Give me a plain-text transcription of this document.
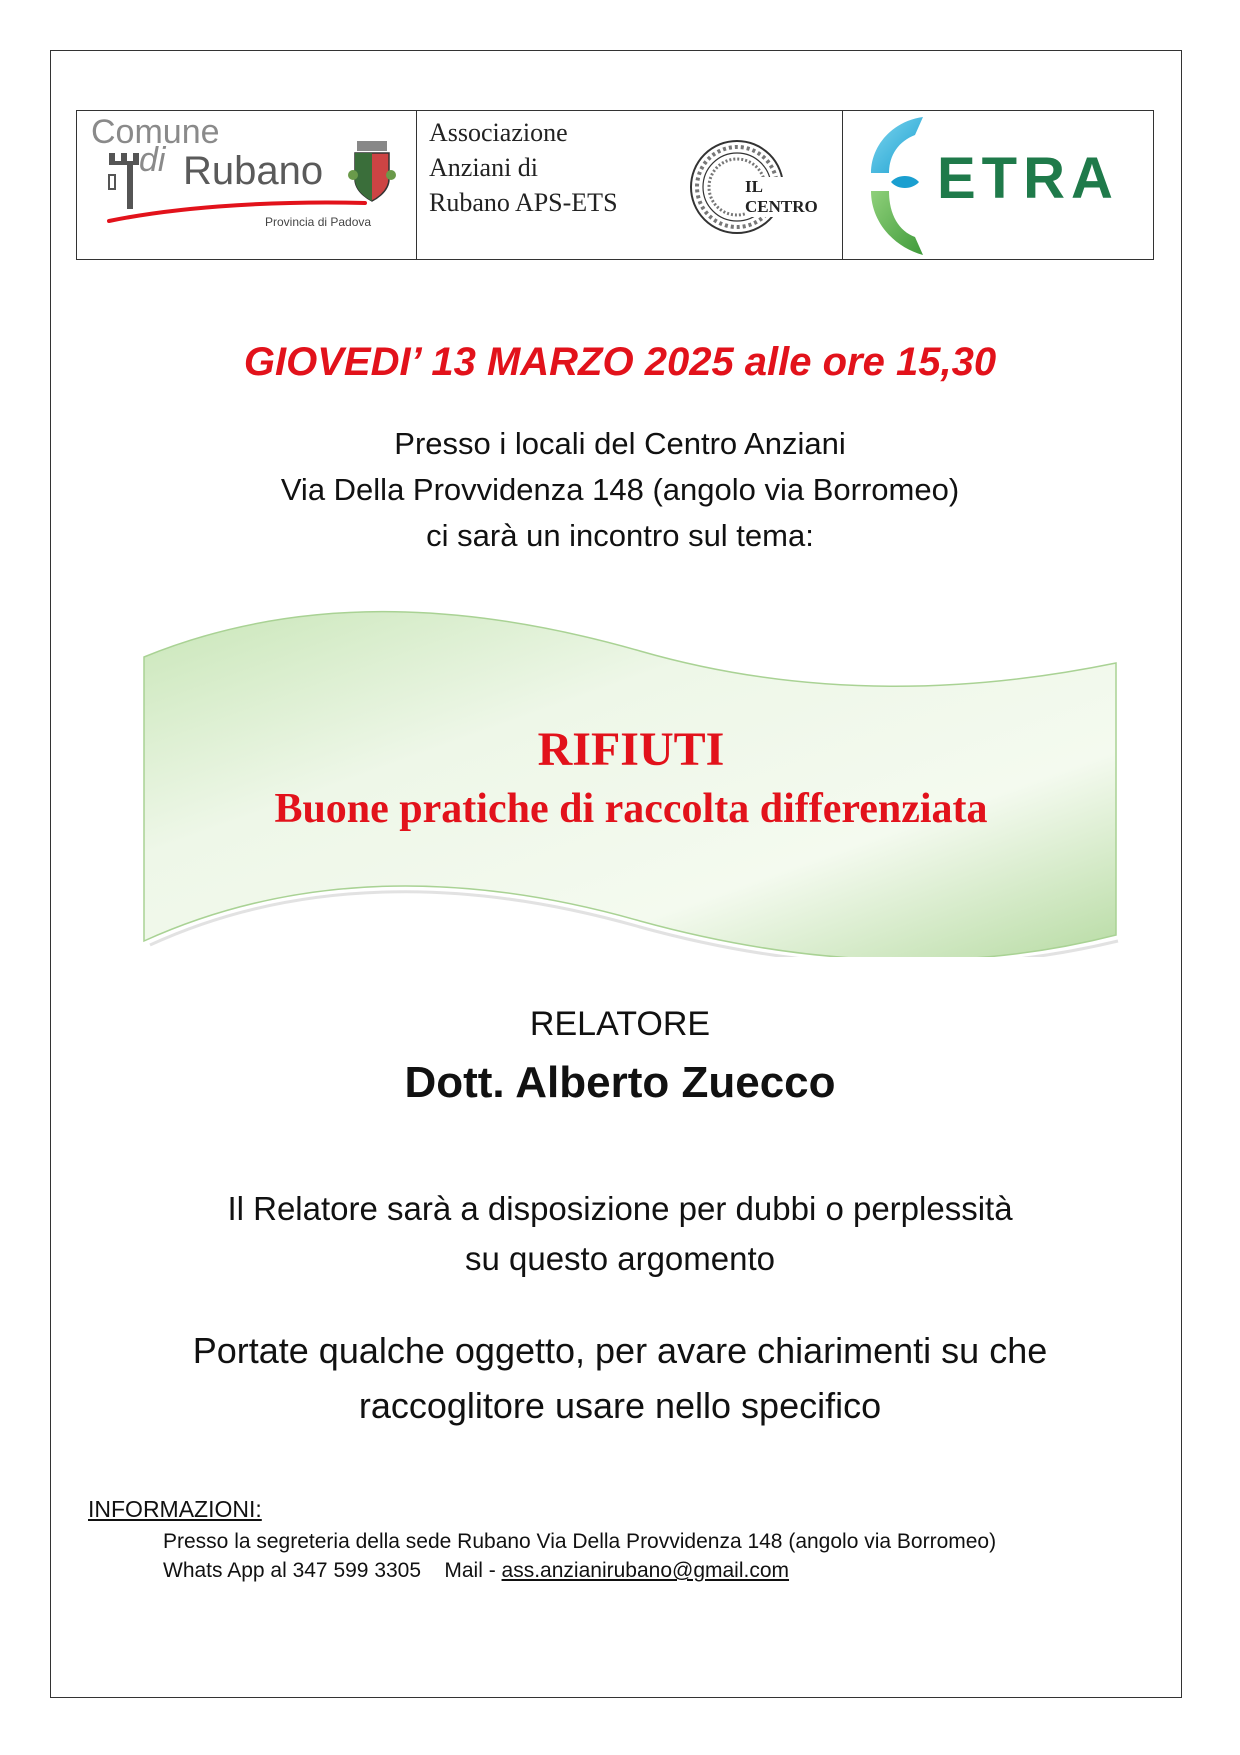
Comune
di Rubano
Provincia di Padova
Associazione
Anziani di
Rubano APS-ETS
IL CENTRO	ETRA
GIOVEDI’ 13 MARZO 2025 alle ore 15,30
Presso i locali del Centro Anziani
Via Della Provvidenza 148 (angolo via Borromeo)
ci sarà un incontro sul tema:
RIFIUTI
Buone pratiche di raccolta differenziata
RELATORE
Dott. Alberto Zuecco
Il Relatore sarà a disposizione per dubbi o perplessità
su questo argomento
Portate qualche oggetto, per avare chiarimenti su che
raccoglitore usare nello specifico
INFORMAZIONI:
Presso la segreteria della sede Rubano Via Della Provvidenza 148 (angolo via Borromeo)
Whats App al 347 599 3305    Mail - ass.anzianirubano@gmail.com
